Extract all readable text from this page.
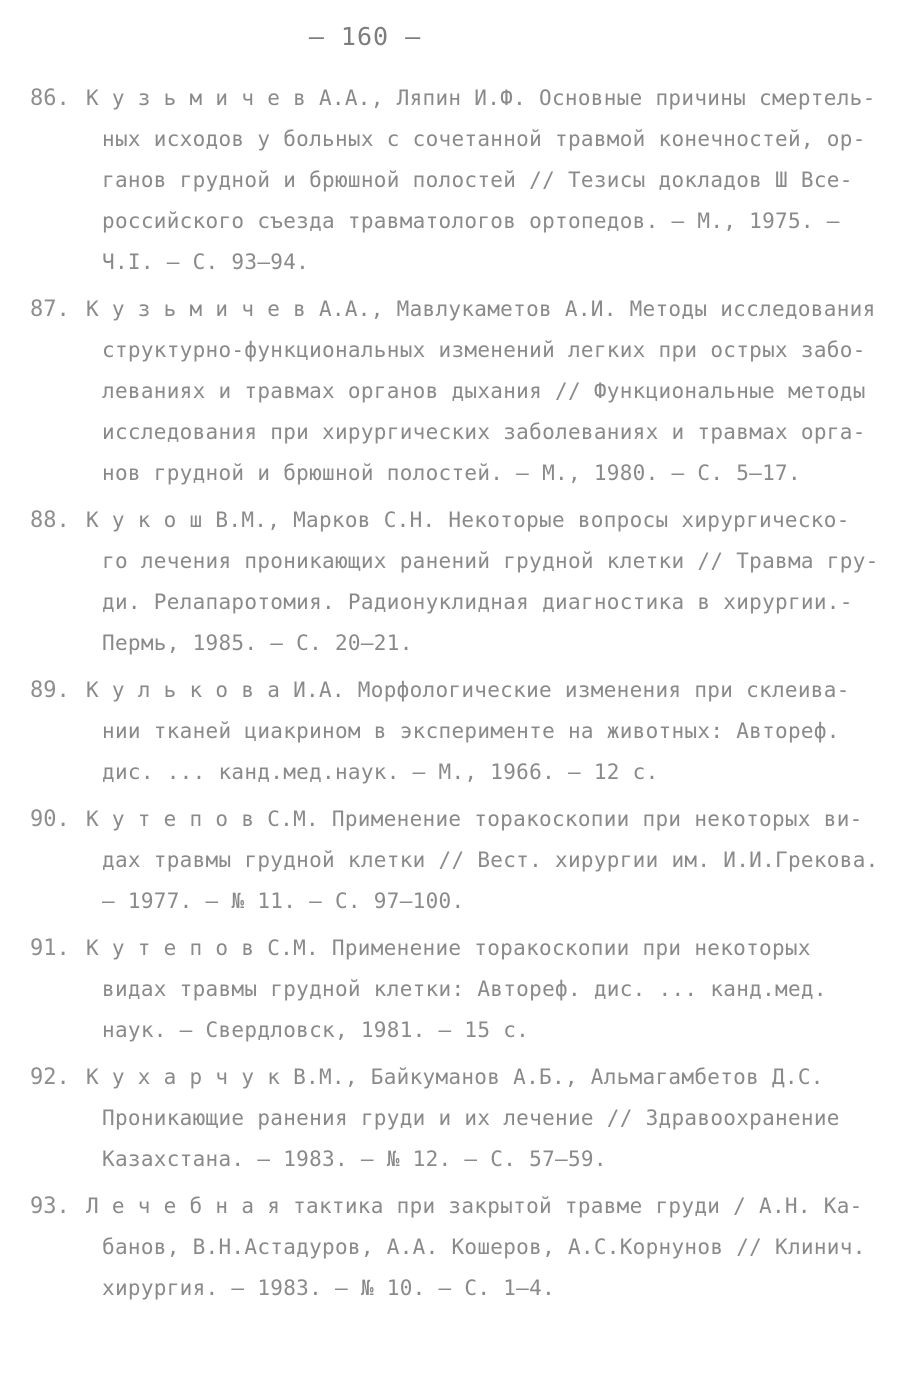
– 160 –
86. К у з ь м и ч е в А.А., Ляпин И.Ф. Основные причины смертель-
ных исходов у больных с сочетанной травмой конечностей, ор-
ганов грудной и брюшной полостей // Тезисы докладов Ш Все-
российского съезда травматологов ортопедов. – М., 1975. –
Ч.I. – С. 93–94.
87. К у з ь м и ч е в А.А., Мавлукаметов А.И. Методы исследования
структурно-функциональных изменений легких при острых забо-
леваниях и травмах органов дыхания // Функциональные методы
исследования при хирургических заболеваниях и травмах орга-
нов грудной и брюшной полостей. – М., 1980. – С. 5–17.
88. К у к о ш В.М., Марков С.Н. Некоторые вопросы хирургическо-
го лечения проникающих ранений грудной клетки // Травма гру-
ди. Релапаротомия. Радионуклидная диагностика в хирургии.-
Пермь, 1985. – С. 20–21.
89. К у л ь к о в а И.А. Морфологические изменения при склеива-
нии тканей циакрином в эксперименте на животных: Автореф.
дис. ... канд.мед.наук. – М., 1966. – 12 с.
90. К у т е п о в С.М. Применение торакоскопии при некоторых ви-
дах травмы грудной клетки // Вест. хирургии им. И.И.Грекова.
– 1977. – № 11. – С. 97–100.
91. К у т е п о в С.М. Применение торакоскопии при некоторых
видах травмы грудной клетки: Автореф. дис. ... канд.мед.
наук. – Свердловск, 1981. – 15 с.
92. К у х а р ч у к В.М., Байкуманов А.Б., Альмагамбетов Д.С.
Проникающие ранения груди и их лечение // Здравоохранение
Казахстана. – 1983. – № 12. – С. 57–59.
93. Л е ч е б н а я тактика при закрытой травме груди / А.Н. Ка-
банов, В.Н.Астадуров, А.А. Кошеров, А.С.Корнунов // Клинич.
хирургия. – 1983. – № 10. – С. 1–4.
